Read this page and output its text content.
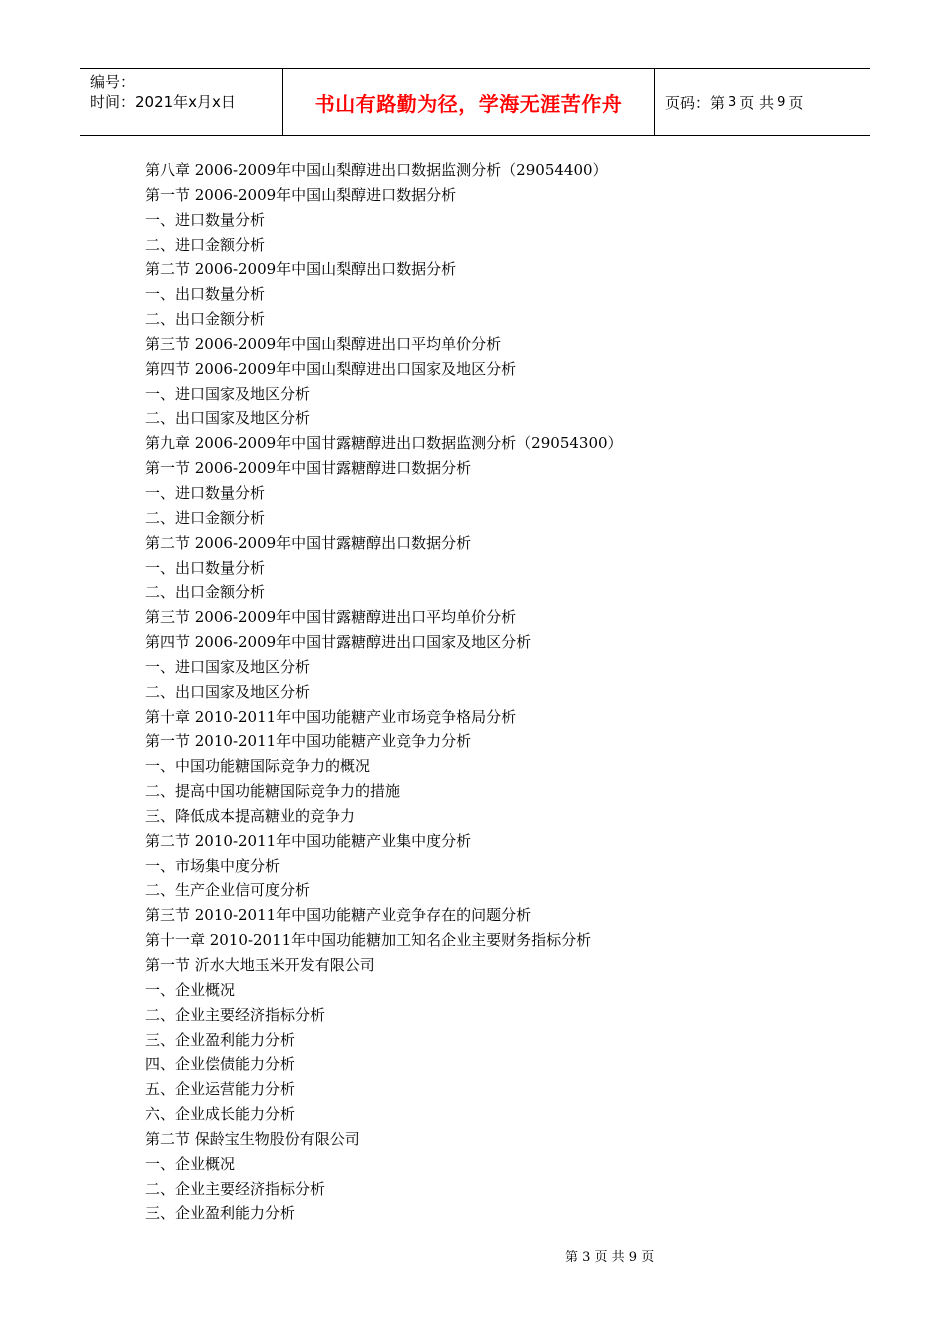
编号：
时间：2021年x月x日	书山有路勤为径，学海无涯苦作舟	页码：第 3 页 共 9 页
第八章 2006-2009年中国山梨醇进出口数据监测分析（29054400）
第一节 2006-2009年中国山梨醇进口数据分析
一、进口数量分析
二、进口金额分析
第二节 2006-2009年中国山梨醇出口数据分析
一、出口数量分析
二、出口金额分析
第三节 2006-2009年中国山梨醇进出口平均单价分析
第四节 2006-2009年中国山梨醇进出口国家及地区分析
一、进口国家及地区分析
二、出口国家及地区分析
第九章 2006-2009年中国甘露糖醇进出口数据监测分析（29054300）
第一节 2006-2009年中国甘露糖醇进口数据分析
一、进口数量分析
二、进口金额分析
第二节 2006-2009年中国甘露糖醇出口数据分析
一、出口数量分析
二、出口金额分析
第三节 2006-2009年中国甘露糖醇进出口平均单价分析
第四节 2006-2009年中国甘露糖醇进出口国家及地区分析
一、进口国家及地区分析
二、出口国家及地区分析
第十章 2010-2011年中国功能糖产业市场竞争格局分析
第一节 2010-2011年中国功能糖产业竞争力分析
一、中国功能糖国际竞争力的概况
二、提高中国功能糖国际竞争力的措施
三、降低成本提高糖业的竞争力
第二节 2010-2011年中国功能糖产业集中度分析
一、市场集中度分析
二、生产企业信可度分析
第三节 2010-2011年中国功能糖产业竞争存在的问题分析
第十一章 2010-2011年中国功能糖加工知名企业主要财务指标分析
第一节 沂水大地玉米开发有限公司
一、企业概况
二、企业主要经济指标分析
三、企业盈利能力分析
四、企业偿债能力分析
五、企业运营能力分析
六、企业成长能力分析
第二节 保龄宝生物股份有限公司
一、企业概况
二、企业主要经济指标分析
三、企业盈利能力分析
第 3 页 共 9 页
